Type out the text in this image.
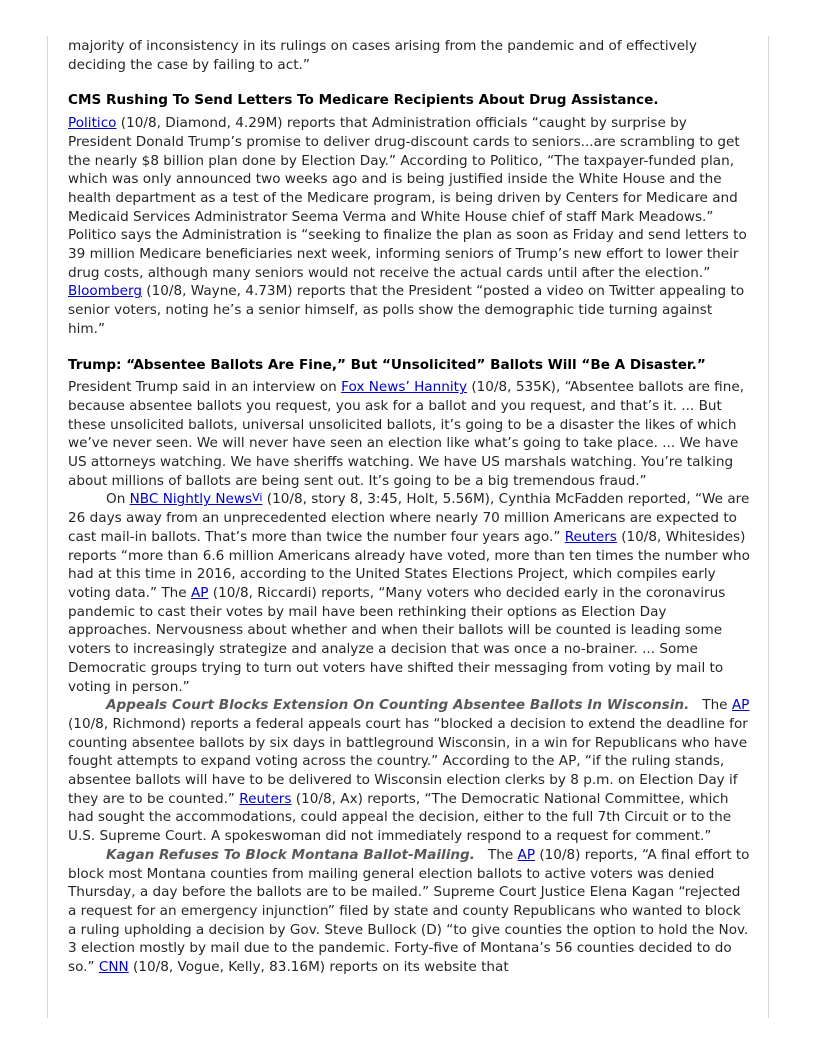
majority of inconsistency in its rulings on cases arising from the pandemic and of effectively deciding the case by failing to act.”

CMS Rushing To Send Letters To Medicare Recipients About Drug Assistance.

Politico (10/8, Diamond, 4.29M) reports that Administration officials “caught by surprise by President Donald Trump’s promise to deliver drug-discount cards to seniors...are scrambling to get the nearly $8 billion plan done by Election Day.” According to Politico, “The taxpayer-funded plan, which was only announced two weeks ago and is being justified inside the White House and the health department as a test of the Medicare program, is being driven by Centers for Medicare and Medicaid Services Administrator Seema Verma and White House chief of staff Mark Meadows.” Politico says the Administration is “seeking to finalize the plan as soon as Friday and send letters to 39 million Medicare beneficiaries next week, informing seniors of Trump’s new effort to lower their drug costs, although many seniors would not receive the actual cards until after the election.” Bloomberg (10/8, Wayne, 4.73M) reports that the President “posted a video on Twitter appealing to senior voters, noting he’s a senior himself, as polls show the demographic tide turning against him.”

Trump: “Absentee Ballots Are Fine,” But “Unsolicited” Ballots Will “Be A Disaster.”

President Trump said in an interview on Fox News’ Hannity (10/8, 535K), “Absentee ballots are fine, because absentee ballots you request, you ask for a ballot and you request, and that’s it. ... But these unsolicited ballots, universal unsolicited ballots, it’s going to be a disaster the likes of which we’ve never seen. We will never have seen an election like what’s going to take place. ... We have US attorneys watching. We have sheriffs watching. We have US marshals watching. You’re talking about millions of ballots are being sent out. It’s going to be a big tremendous fraud.”

On NBC Nightly News$^{Vi}$ (10/8, story 8, 3:45, Holt, 5.56M), Cynthia McFadden reported, “We are 26 days away from an unprecedented election where nearly 70 million Americans are expected to cast mail-in ballots. That’s more than twice the number four years ago.” Reuters (10/8, Whitesides) reports “more than 6.6 million Americans already have voted, more than ten times the number who had at this time in 2016, according to the United States Elections Project, which compiles early voting data.” The AP (10/8, Riccardi) reports, “Many voters who decided early in the coronavirus pandemic to cast their votes by mail have been rethinking their options as Election Day approaches. Nervousness about whether and when their ballots will be counted is leading some voters to increasingly strategize and analyze a decision that was once a no-brainer. ... Some Democratic groups trying to turn out voters have shifted their messaging from voting by mail to voting in person.”

Appeals Court Blocks Extension On Counting Absentee Ballots In Wisconsin. The AP (10/8, Richmond) reports a federal appeals court has “blocked a decision to extend the deadline for counting absentee ballots by six days in battleground Wisconsin, in a win for Republicans who have fought attempts to expand voting across the country.” According to the AP, “if the ruling stands, absentee ballots will have to be delivered to Wisconsin election clerks by 8 p.m. on Election Day if they are to be counted.” Reuters (10/8, Ax) reports, “The Democratic National Committee, which had sought the accommodations, could appeal the decision, either to the full 7th Circuit or to the U.S. Supreme Court. A spokeswoman did not immediately respond to a request for comment.”

Kagan Refuses To Block Montana Ballot-Mailing. The AP (10/8) reports, “A final effort to block most Montana counties from mailing general election ballots to active voters was denied Thursday, a day before the ballots are to be mailed.” Supreme Court Justice Elena Kagan “rejected a request for an emergency injunction” filed by state and county Republicans who wanted to block a ruling upholding a decision by Gov. Steve Bullock (D) “to give counties the option to hold the Nov. 3 election mostly by mail due to the pandemic. Forty-five of Montana’s 56 counties decided to do so.” CNN (10/8, Vogue, Kelly, 83.16M) reports on its website that
